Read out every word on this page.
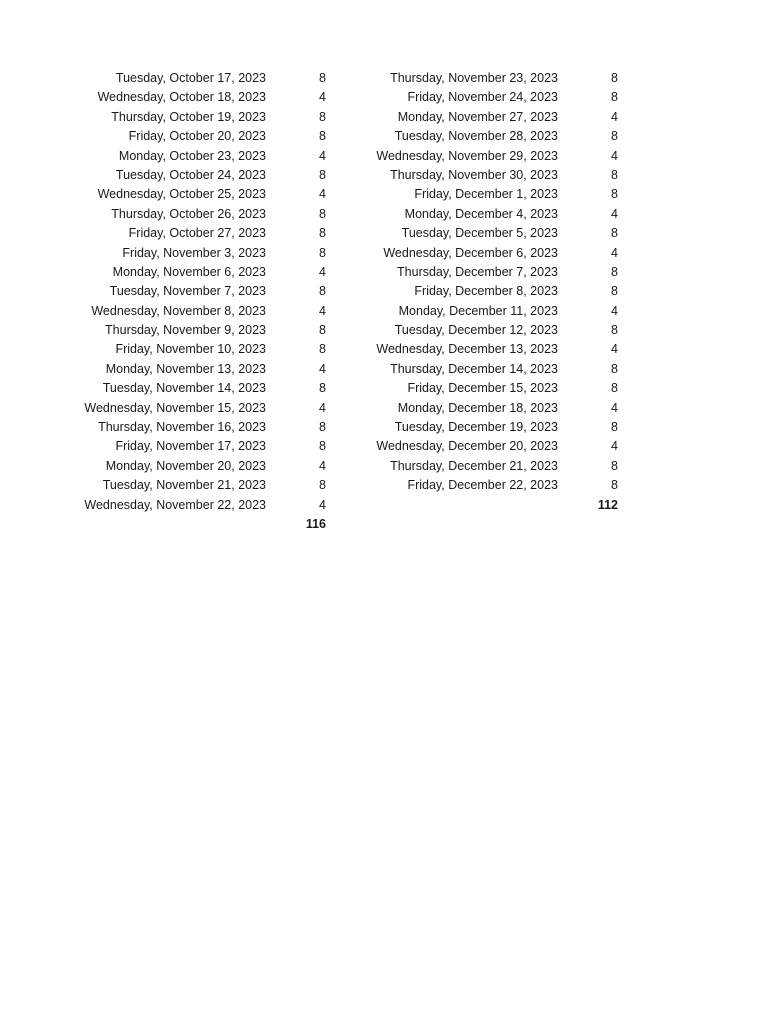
Tuesday, October 17, 2023	8
Wednesday, October 18, 2023	4
Thursday, October 19, 2023	8
Friday, October 20, 2023	8
Monday, October 23, 2023	4
Tuesday, October 24, 2023	8
Wednesday, October 25, 2023	4
Thursday, October 26, 2023	8
Friday, October 27, 2023	8
Friday, November 3, 2023	8
Monday, November 6, 2023	4
Tuesday, November 7, 2023	8
Wednesday, November 8, 2023	4
Thursday, November 9, 2023	8
Friday, November 10, 2023	8
Monday, November 13, 2023	4
Tuesday, November 14, 2023	8
Wednesday, November 15, 2023	4
Thursday, November 16, 2023	8
Friday, November 17, 2023	8
Monday, November 20, 2023	4
Tuesday, November 21, 2023	8
Wednesday, November 22, 2023	4
116
Thursday, November 23, 2023	8
Friday, November 24, 2023	8
Monday, November 27, 2023	4
Tuesday, November 28, 2023	8
Wednesday, November 29, 2023	4
Thursday, November 30, 2023	8
Friday, December 1, 2023	8
Monday, December 4, 2023	4
Tuesday, December 5, 2023	8
Wednesday, December 6, 2023	4
Thursday, December 7, 2023	8
Friday, December 8, 2023	8
Monday, December 11, 2023	4
Tuesday, December 12, 2023	8
Wednesday, December 13, 2023	4
Thursday, December 14, 2023	8
Friday, December 15, 2023	8
Monday, December 18, 2023	4
Tuesday, December 19, 2023	8
Wednesday, December 20, 2023	4
Thursday, December 21, 2023	8
Friday, December 22, 2023	8
112
